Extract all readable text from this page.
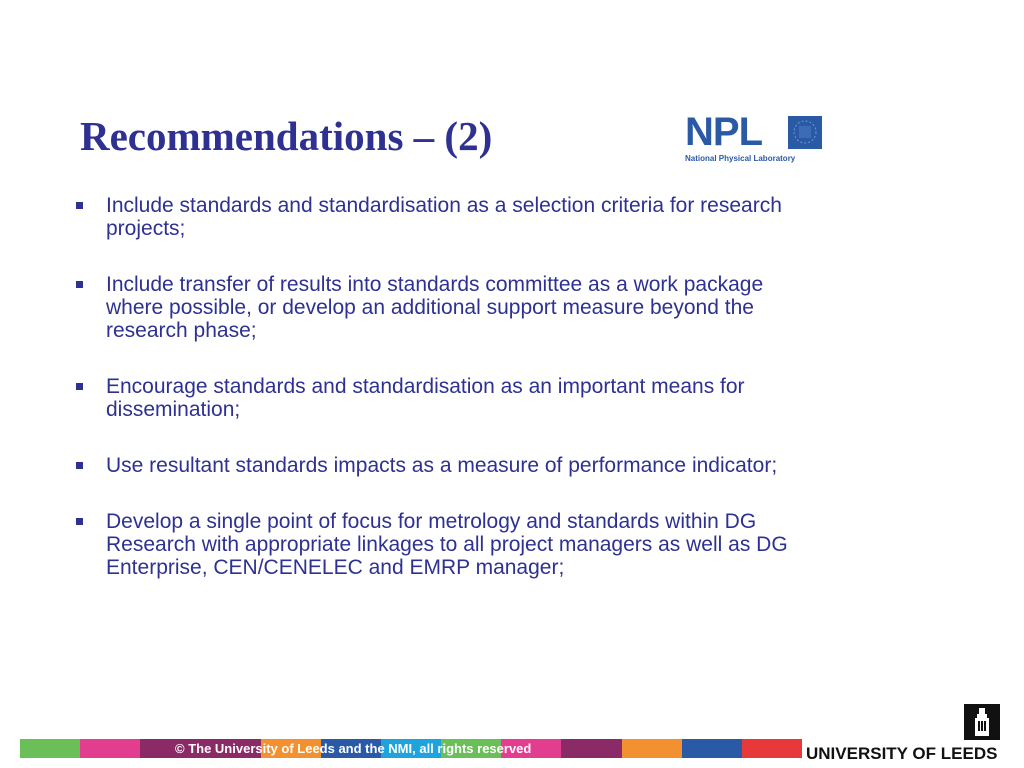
Recommendations – (2)	NPL
National Physical Laboratory
Include standards and standardisation as a selection criteria for research projects;
Include transfer of results into standards committee as a work package where possible, or develop an additional support measure beyond the research phase;
Encourage standards and standardisation as an important means for dissemination;
Use resultant standards impacts as a measure of performance indicator;
Develop a single point of focus for metrology and standards within DG Research with appropriate linkages to all project managers as well as DG Enterprise, CEN/CENELEC and EMRP manager;
© The University of Leeds and the NMI, all rights reserved	UNIVERSITY OF LEEDS
